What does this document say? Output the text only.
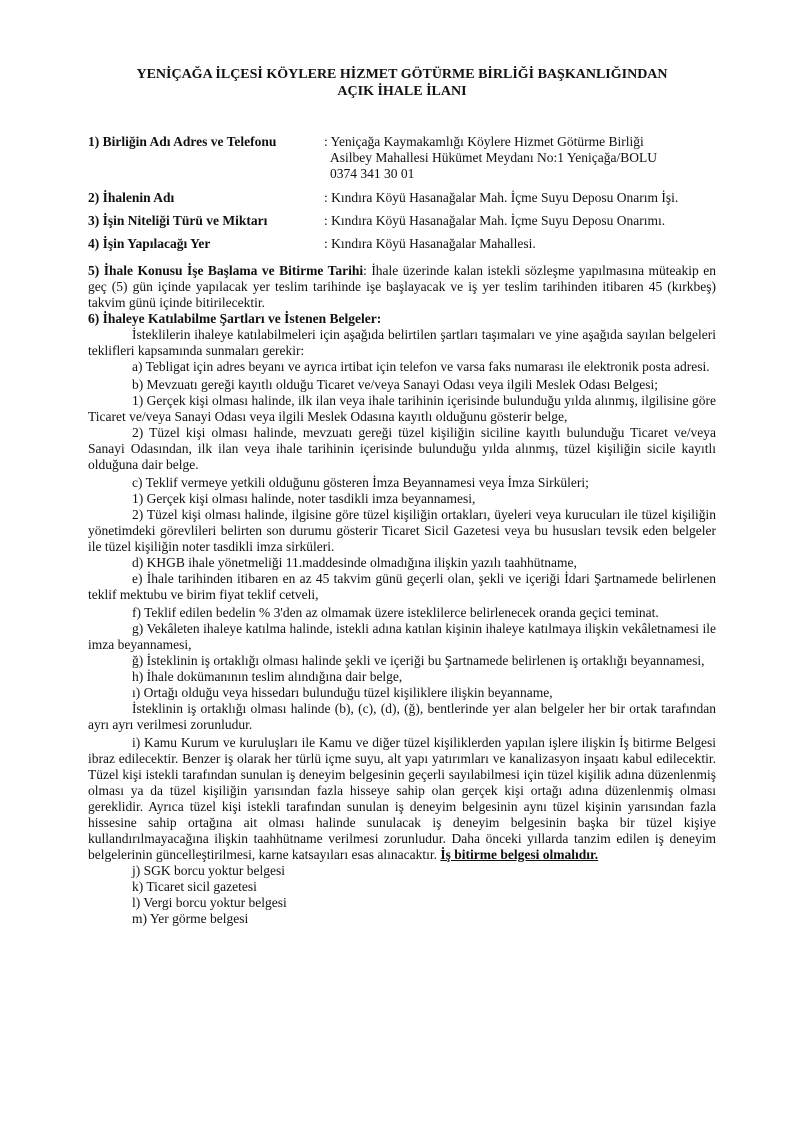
YENİÇAĞA İLÇESİ KÖYLERE HİZMET GÖTÜRME BİRLİĞİ BAŞKANLIĞINDAN

AÇIK İHALE İLANI

1) Birliğin Adı Adres ve Telefonu	: Yeniçağa Kaymakamlığı Köylere Hizmet Götürme Birliği
Asilbey Mahallesi Hükümet Meydanı No:1 Yeniçağa/BOLU
0374 341 30 01

2) İhalenin Adı	: Kındıra Köyü Hasanağalar Mah. İçme Suyu Deposu Onarım İşi.
3) İşin Niteliği Türü ve Miktarı	: Kındıra Köyü Hasanağalar Mah. İçme Suyu Deposu Onarımı.
4) İşin Yapılacağı Yer	: Kındıra Köyü Hasanağalar Mahallesi.

5) İhale Konusu İşe Başlama ve Bitirme Tarihi: İhale üzerinde kalan istekli sözleşme yapılmasına müteakip en geç (5) gün içinde yapılacak yer teslim tarihinde işe başlayacak ve iş yer teslim tarihinden itibaren 45 (kırkbeş) takvim günü içinde bitirilecektir.

6) İhaleye Katılabilme Şartları ve İstenen Belgeler:

İsteklilerin ihaleye katılabilmeleri için aşağıda belirtilen şartları taşımaları ve yine aşağıda sayılan belgeleri teklifleri kapsamında sunmaları gerekir:

a) Tebligat için adres beyanı ve ayrıca irtibat için telefon ve varsa faks numarası ile elektronik posta adresi.

b) Mevzuatı gereği kayıtlı olduğu Ticaret ve/veya Sanayi Odası veya ilgili Meslek Odası Belgesi;

1) Gerçek kişi olması halinde, ilk ilan veya ihale tarihinin içerisinde bulunduğu yılda alınmış, ilgilisine göre Ticaret ve/veya Sanayi Odası veya ilgili Meslek Odasına kayıtlı olduğunu gösterir belge,

2) Tüzel kişi olması halinde, mevzuatı gereği tüzel kişiliğin siciline kayıtlı bulunduğu Ticaret ve/veya Sanayi Odasından, ilk ilan veya ihale tarihinin içerisinde bulunduğu yılda alınmış, tüzel kişiliğin sicile kayıtlı olduğuna dair belge.

c) Teklif vermeye yetkili olduğunu gösteren İmza Beyannamesi veya İmza Sirküleri;

1) Gerçek kişi olması halinde, noter tasdikli imza beyannamesi,

2) Tüzel kişi olması halinde, ilgisine göre tüzel kişiliğin ortakları, üyeleri veya kurucuları ile tüzel kişiliğin yönetimdeki görevlileri belirten son durumu gösterir Ticaret Sicil Gazetesi veya bu hususları tevsik eden belgeler ile tüzel kişiliğin noter tasdikli imza sirküleri.

d) KHGB ihale yönetmeliği 11.maddesinde olmadığına ilişkin yazılı taahhütname,

e) İhale tarihinden itibaren en az 45 takvim günü geçerli olan, şekli ve içeriği İdari Şartnamede belirlenen teklif mektubu ve birim fiyat teklif cetveli,

f) Teklif edilen bedelin % 3'den az olmamak üzere isteklilerce belirlenecek oranda geçici teminat.

g) Vekâleten ihaleye katılma halinde, istekli adına katılan kişinin ihaleye katılmaya ilişkin vekâletnamesi ile imza beyannamesi,

ğ) İsteklinin iş ortaklığı olması halinde şekli ve içeriği bu Şartnamede belirlenen iş ortaklığı beyannamesi,

h) İhale dokümanının teslim alındığına dair belge,

ı) Ortağı olduğu veya hissedarı bulunduğu tüzel kişiliklere ilişkin beyanname,

İsteklinin iş ortaklığı olması halinde (b), (c), (d), (ğ), bentlerinde yer alan belgeler her bir ortak tarafından ayrı ayrı verilmesi zorunludur.

i) Kamu Kurum ve kuruluşları ile Kamu ve diğer tüzel kişiliklerden yapılan işlere ilişkin İş bitirme Belgesi ibraz edilecektir. Benzer iş olarak her türlü içme suyu, alt yapı yatırımları ve kanalizasyon inşaatı kabul edilecektir. Tüzel kişi istekli tarafından sunulan iş deneyim belgesinin geçerli sayılabilmesi için tüzel kişilik adına düzenlenmiş olması ya da tüzel kişiliğin yarısından fazla hisseye sahip olan gerçek kişi ortağı adına düzenlenmiş olması gereklidir. Ayrıca tüzel kişi istekli tarafından sunulan iş deneyim belgesinin aynı tüzel kişinin yarısından fazla hissesine sahip ortağına ait olması halinde sunulacak iş deneyim belgesinin başka bir tüzel kişiye kullandırılmayacağına ilişkin taahhütname verilmesi zorunludur. Daha önceki yıllarda tanzim edilen iş deneyim belgelerinin güncelleştirilmesi, karne katsayıları esas alınacaktır. İş bitirme belgesi olmalıdır.

j) SGK borcu yoktur belgesi

k) Ticaret sicil gazetesi

l) Vergi borcu yoktur belgesi

m) Yer görme belgesi
